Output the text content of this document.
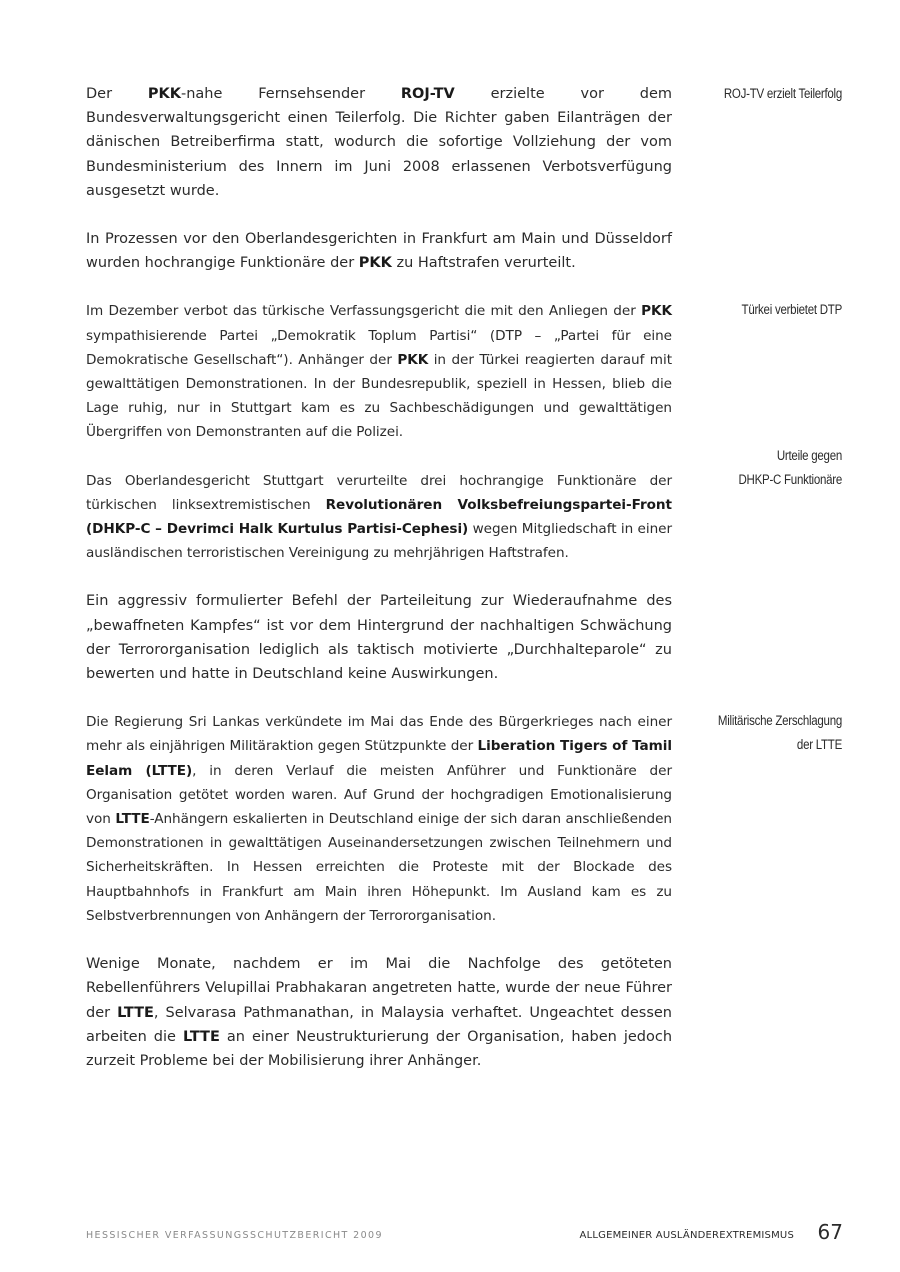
Der PKK-nahe Fernsehsender ROJ-TV erzielte vor dem Bundesverwaltungsgericht einen Teilerfolg. Die Richter gaben Eilanträgen der dänischen Betreiberfirma statt, wodurch die sofortige Vollziehung der vom Bundesministerium des Innern im Juni 2008 erlassenen Verbotsverfügung ausgesetzt wurde.

In Prozessen vor den Oberlandesgerichten in Frankfurt am Main und Düsseldorf wurden hochrangige Funktionäre der PKK zu Haftstrafen verurteilt.

Im Dezember verbot das türkische Verfassungsgericht die mit den Anliegen der PKK sympathisierende Partei „Demokratik Toplum Partisi“ (DTP – „Partei für eine Demokratische Gesellschaft“). Anhänger der PKK in der Türkei reagierten darauf mit gewalttätigen Demonstrationen. In der Bundesrepublik, speziell in Hessen, blieb die Lage ruhig, nur in Stuttgart kam es zu Sachbeschädigungen und gewalttätigen Übergriffen von Demonstranten auf die Polizei.

Das Oberlandesgericht Stuttgart verurteilte drei hochrangige Funktionäre der türkischen linksextremistischen Revolutionären Volksbefreiungspartei-Front (DHKP-C – Devrimci Halk Kurtulus Partisi-Cephesi) wegen Mitgliedschaft in einer ausländischen terroristischen Vereinigung zu mehrjährigen Haftstrafen.

Ein aggressiv formulierter Befehl der Parteileitung zur Wiederaufnahme des „bewaffneten Kampfes“ ist vor dem Hintergrund der nachhaltigen Schwächung der Terrororganisation lediglich als taktisch motivierte „Durchhalteparole“ zu bewerten und hatte in Deutschland keine Auswirkungen.

Die Regierung Sri Lankas verkündete im Mai das Ende des Bürgerkrieges nach einer mehr als einjährigen Militäraktion gegen Stützpunkte der Liberation Tigers of Tamil Eelam (LTTE), in deren Verlauf die meisten Anführer und Funktionäre der Organisation getötet worden waren. Auf Grund der hochgradigen Emotionalisierung von LTTE-Anhängern eskalierten in Deutschland einige der sich daran anschließenden Demonstrationen in gewalttätigen Auseinandersetzungen zwischen Teilnehmern und Sicherheitskräften. In Hessen erreichten die Proteste mit der Blockade des Hauptbahnhofs in Frankfurt am Main ihren Höhepunkt. Im Ausland kam es zu Selbstverbrennungen von Anhängern der Terrororganisation.

Wenige Monate, nachdem er im Mai die Nachfolge des getöteten Rebellenführers Velupillai Prabhakaran angetreten hatte, wurde der neue Führer der LTTE, Selvarasa Pathmanathan, in Malaysia verhaftet. Ungeachtet dessen arbeiten die LTTE an einer Neustrukturierung der Organisation, haben jedoch zurzeit Probleme bei der Mobilisierung ihrer Anhänger.

ROJ-TV erzielt Teilerfolg
Türkei verbietet DTP
Urteile gegen
DHKP-C Funktionäre
Militärische Zerschlagung
der LTTE
HESSISCHER VERFASSUNGSSCHUTZBERICHT 2009	ALLGEMEINER AUSLÄNDEREXTREMISMUS 67
